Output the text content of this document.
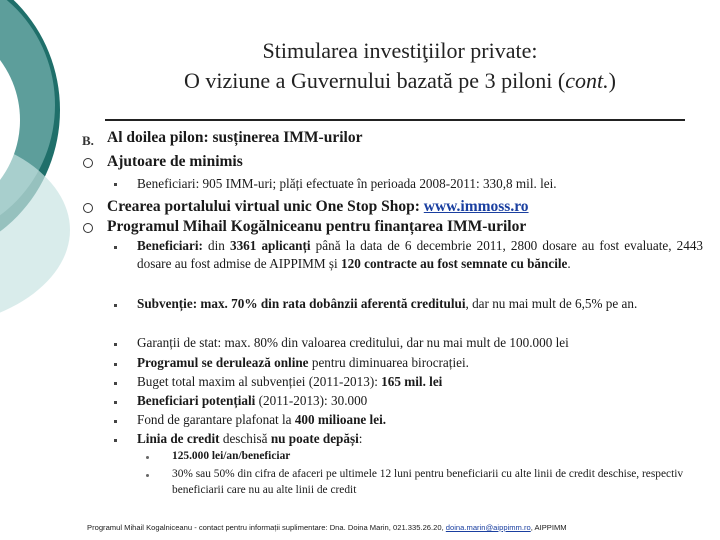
Stimularea investiţiilor private:
O viziune a Guvernului bazată pe 3 piloni (cont.)
B. Al doilea pilon: susținerea IMM-urilor
Ajutoare de minimis
Beneficiari: 905 IMM-uri; plăți efectuate în perioada 2008-2011: 330,8 mil. lei.
Crearea portalului virtual unic One Stop Shop: www.immoss.ro
Programul Mihail Kogălniceanu pentru finanțarea IMM-urilor
Beneficiari: din 3361 aplicanți până la data de 6 decembrie 2011, 2800 dosare au fost evaluate, 2443 dosare au fost admise de AIPPIMM și 120 contracte au fost semnate cu băncile.
Subvenție: max. 70% din rata dobânzii aferentă creditului, dar nu mai mult de 6,5% pe an.
Garanții de stat: max. 80% din valoarea creditului, dar nu mai mult de 100.000 lei
Programul se derulează online pentru diminuarea birocrației.
Buget total maxim al subvenției (2011-2013): 165 mil. lei
Beneficiari potențiali (2011-2013): 30.000
Fond de garantare plafonat la 400 milioane lei.
Linia de credit deschisă nu poate depăși:
125.000 lei/an/beneficiar
30% sau 50% din cifra de afaceri pe ultimele 12 luni pentru beneficiarii cu alte linii de credit deschise, respectiv beneficiarii care nu au alte linii de credit
Programul Mihail Kogalniceanu - contact pentru informații suplimentare: Dna. Doina Marin, 021.335.26.20, doina.marin@aippimm.ro, AIPPIMM
